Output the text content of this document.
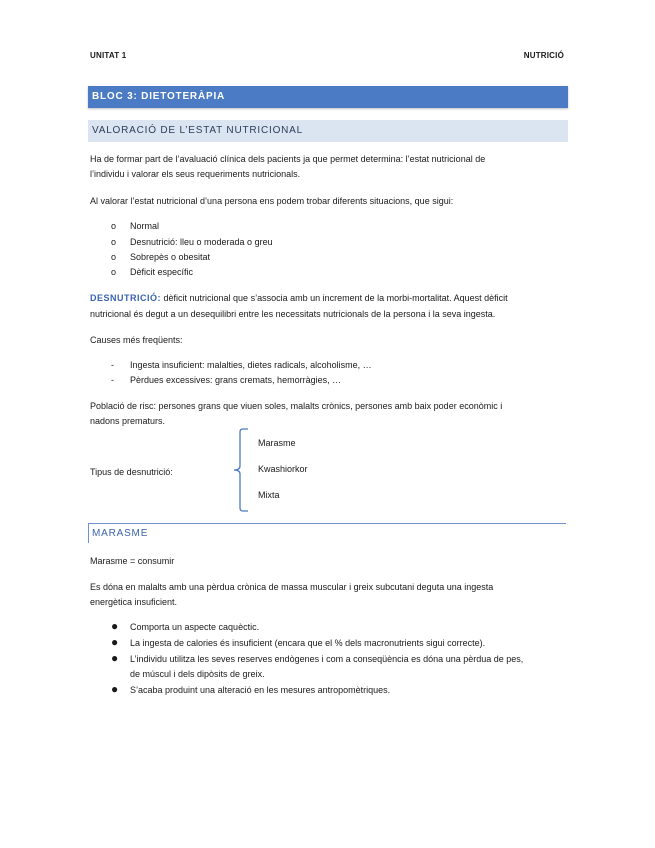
UNITAT 1	NUTRICIÓ
BLOC 3: DIETOTERÀPIA
VALORACIÓ DE L’ESTAT NUTRICIONAL

Ha de formar part de l’avaluació clínica dels pacients ja que permet determina: l’estat nutricional de

l’individu i valorar els seus requeriments nutricionals.

Al valorar l’estat nutricional d’una persona ens podem trobar diferents situacions, que sigui:

o Normal
o Desnutrició: lleu o moderada o greu
o Sobrepès o obesitat
o Dèficit específic

DESNUTRICIÓ: dèficit nutricional que s’associa amb un increment de la morbi-mortalitat. Aquest dèficit

nutricional és degut a un desequilibri entre les necessitats nutricionals de la persona i la seva ingesta.

Causes més freqüents:

- Ingesta insuficient: malalties, dietes radicals, alcoholisme, …
- Pèrdues excessives: grans cremats, hemorràgies, …

Població de risc: persones grans que viuen soles, malalts crònics, persones amb baix poder econòmic i

nadons prematurs.

Tipus de desnutrició:
Marasme
Kwashiorkor
Mixta
MARASME

Marasme = consumir

Es dóna en malalts amb una pèrdua crònica de massa muscular i greix subcutani deguta una ingesta

energètica insuficient.

● Comporta un aspecte caquèctic.
● La ingesta de calories és insuficient (encara que el % dels macronutrients sigui correcte).
● L’individu utilitza les seves reserves endògenes i com a conseqüència es dóna una pèrdua de pes,
de múscul i dels dipòsits de greix.
● S’acaba produint una alteració en les mesures antropomètriques.
